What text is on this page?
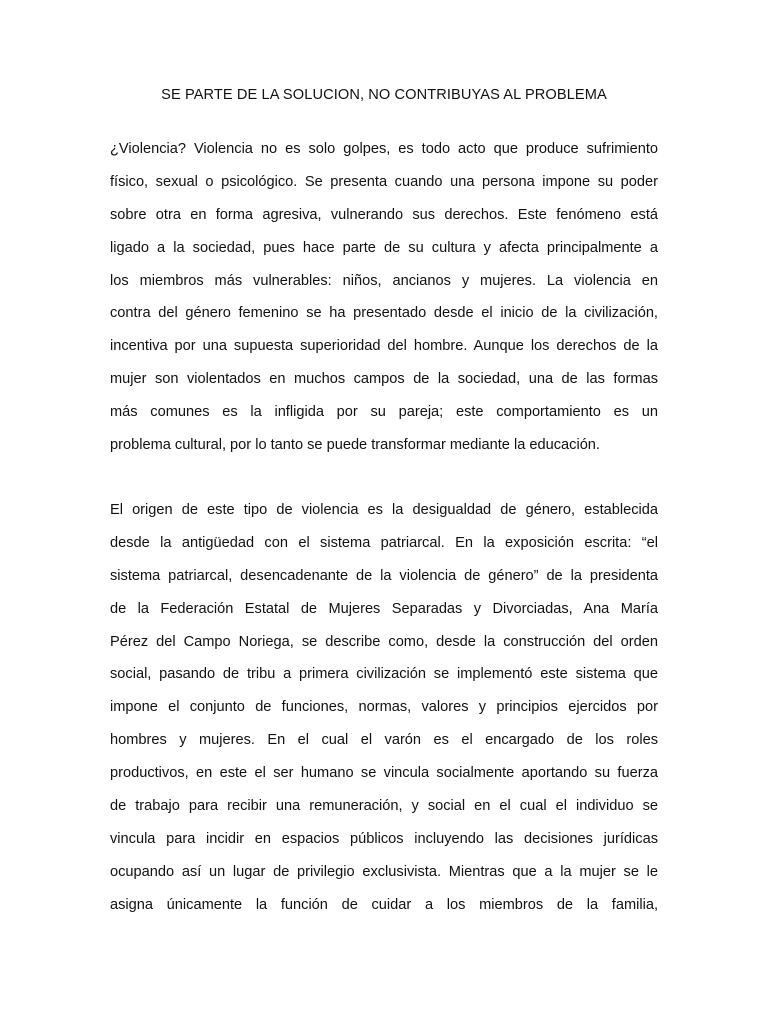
SE PARTE DE LA SOLUCION, NO CONTRIBUYAS AL PROBLEMA
¿Violencia? Violencia no es solo golpes, es todo acto que produce sufrimiento
físico, sexual o psicológico. Se presenta cuando una persona impone su poder
sobre otra en forma agresiva, vulnerando sus derechos. Este fenómeno está
ligado a la sociedad, pues hace parte de su cultura y afecta principalmente a
los miembros más vulnerables: niños, ancianos y mujeres. La violencia en
contra del género femenino se ha presentado desde el inicio de la civilización,
incentiva por una supuesta superioridad del hombre. Aunque los derechos de la
mujer son violentados en muchos campos de la sociedad, una de las formas
más comunes es la infligida por su pareja; este comportamiento es un
problema cultural, por lo tanto se puede transformar mediante la educación.
El origen de este tipo de violencia es la desigualdad de género, establecida
desde la antigüedad con el sistema patriarcal. En la exposición escrita: “el
sistema patriarcal, desencadenante de la violencia de género” de la presidenta
de la Federación Estatal de Mujeres Separadas y Divorciadas, Ana María
Pérez del Campo Noriega, se describe como, desde la construcción del orden
social, pasando de tribu a primera civilización se implementó este sistema que
impone el conjunto de funciones, normas, valores y principios ejercidos por
hombres y mujeres. En el cual el varón es el encargado de los roles
productivos, en este el ser humano se vincula socialmente aportando su fuerza
de trabajo para recibir una remuneración, y social en el cual el individuo se
vincula para incidir en espacios públicos incluyendo las decisiones jurídicas
ocupando así un lugar de privilegio exclusivista. Mientras que a la mujer se le
asigna únicamente la función de cuidar a los miembros de la familia,
